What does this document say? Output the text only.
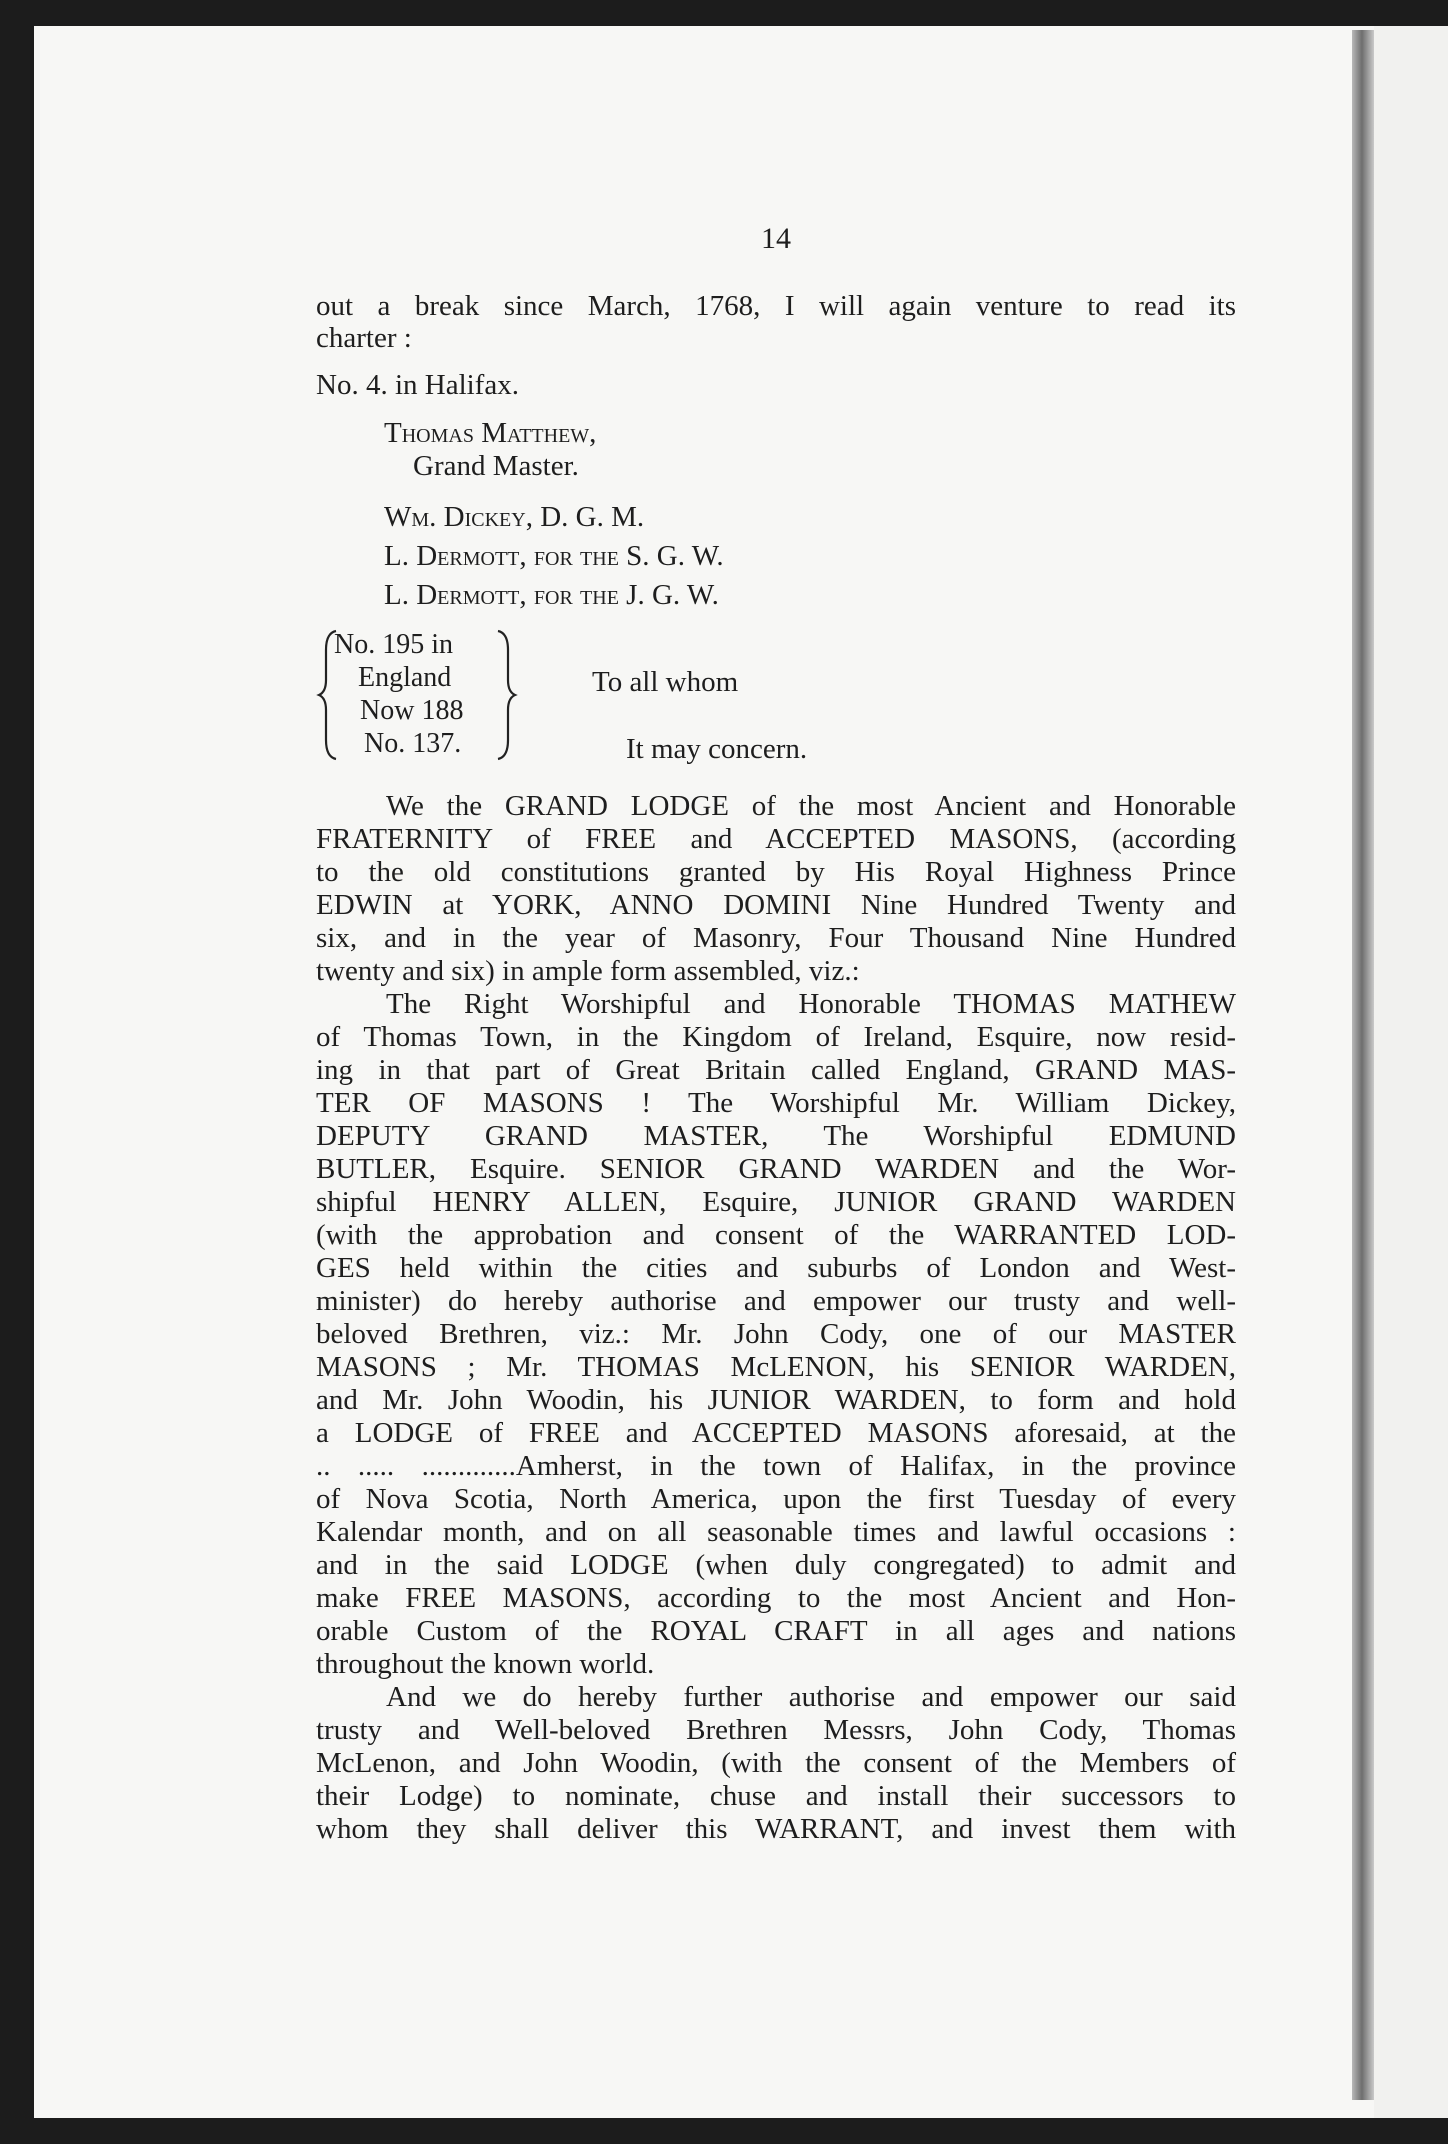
14
out a break since March, 1768, I will again venture to read its
charter :
No. 4. in Halifax.
Thomas Matthew,
Grand Master.
Wm. Dickey, D. G. M.
L. Dermott, for the S. G. W.
L. Dermott, for the J. G. W.
No. 195 in
England
Now 188
No. 137.
To all whom
It may concern.
We the GRAND LODGE of the most Ancient and Honorable
FRATERNITY of FREE and ACCEPTED MASONS, (according
to the old constitutions granted by His Royal Highness Prince
EDWIN at YORK, ANNO DOMINI Nine Hundred Twenty and
six, and in the year of Masonry, Four Thousand Nine Hundred
twenty and six) in ample form assembled, viz.:
The Right Worshipful and Honorable THOMAS MATHEW
of Thomas Town, in the Kingdom of Ireland, Esquire, now resid-
ing in that part of Great Britain called England, GRAND MAS-
TER OF MASONS ! The Worshipful Mr. William Dickey,
DEPUTY GRAND MASTER, The Worshipful EDMUND
BUTLER, Esquire. SENIOR GRAND WARDEN and the Wor-
shipful HENRY ALLEN, Esquire, JUNIOR GRAND WARDEN
(with the approbation and consent of the WARRANTED LOD-
GES held within the cities and suburbs of London and West-
minister) do hereby authorise and empower our trusty and well-
beloved Brethren, viz.: Mr. John Cody, one of our MASTER
MASONS ; Mr. THOMAS McLENON, his SENIOR WARDEN,
and Mr. John Woodin, his JUNIOR WARDEN, to form and hold
a LODGE of FREE and ACCEPTED MASONS aforesaid, at the
.. ..... .............Amherst, in the town of Halifax, in the province
of Nova Scotia, North America, upon the first Tuesday of every
Kalendar month, and on all seasonable times and lawful occasions :
and in the said LODGE (when duly congregated) to admit and
make FREE MASONS, according to the most Ancient and Hon-
orable Custom of the ROYAL CRAFT in all ages and nations
throughout the known world.
And we do hereby further authorise and empower our said
trusty and Well-beloved Brethren Messrs, John Cody, Thomas
McLenon, and John Woodin, (with the consent of the Members of
their Lodge) to nominate, chuse and install their successors to
whom they shall deliver this WARRANT, and invest them with
